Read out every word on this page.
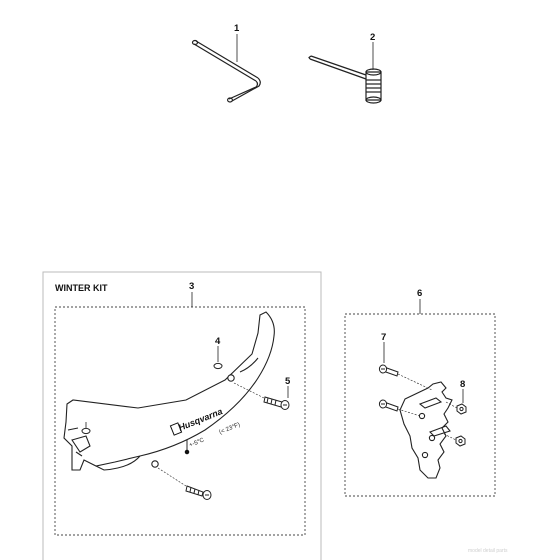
1
2
WINTER KIT	3
Husqvarna
+-5°C
(< 23°F)
4
5
6
7
8
model detail parts
